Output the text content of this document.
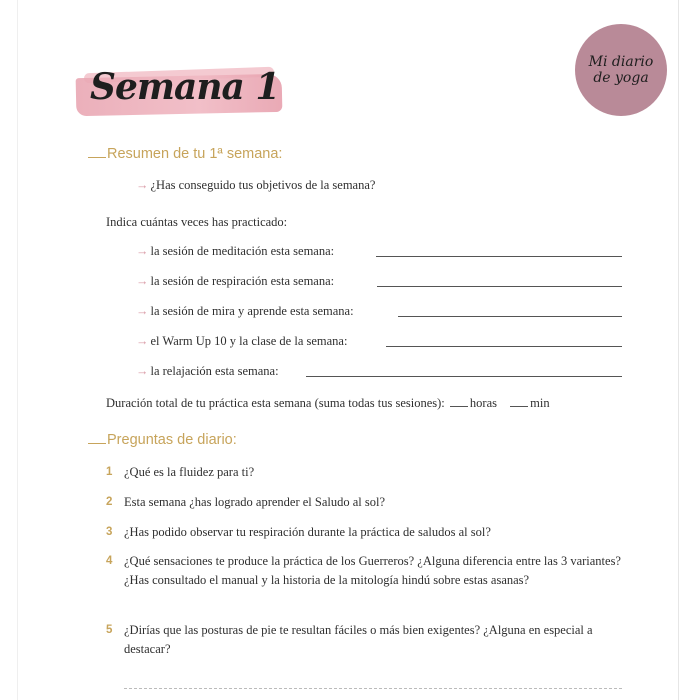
Semana 1
Mi diario
de yoga
Resumen de tu 1ª semana:
→ ¿Has conseguido tus objetivos de la semana?
Indica cuántas veces has practicado:
→ la sesión de meditación esta semana:
→ la sesión de respiración esta semana:
→ la sesión de mira y aprende esta semana:
→ el Warm Up 10 y la clase de la semana:
→ la relajación esta semana:
Duración total de tu práctica esta semana (suma todas tus sesiones): horas	min
Preguntas de diario:
1 ¿Qué es la fluidez para ti?
2 Esta semana ¿has logrado aprender el Saludo al sol?
3 ¿Has podido observar tu respiración durante la práctica de saludos al sol?
4 ¿Qué sensaciones te produce la práctica de los Guerreros? ¿Alguna diferencia entre las 3 variantes? ¿Has consultado el manual y la historia de la mitología hindú sobre estas asanas?
5 ¿Dirías que las posturas de pie te resultan fáciles o más bien exigentes? ¿Alguna en especial a destacar?
